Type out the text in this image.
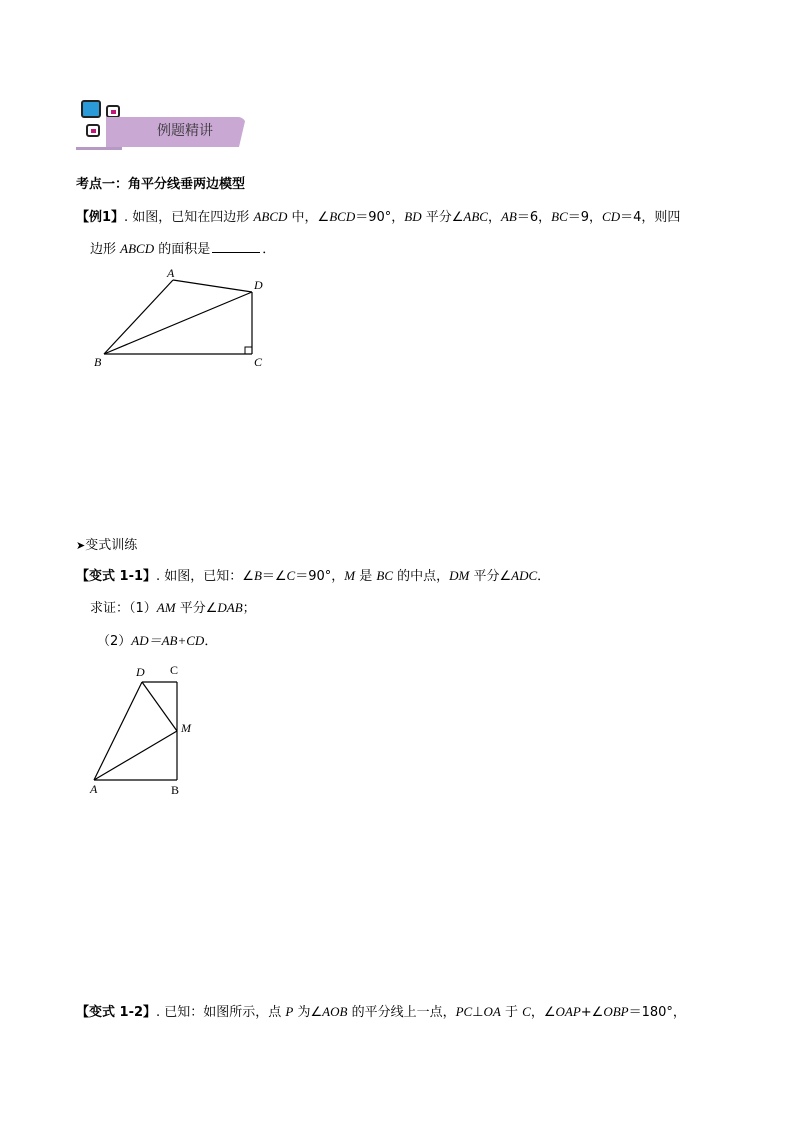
例题精讲
考点一：角平分线垂两边模型
【例1】. 如图，已知在四边形 ABCD 中，∠BCD＝90°，BD 平分∠ABC，AB＝6，BC＝9，CD＝4，则四
边形 ABCD 的面积是	．
A
D
B	C
➤变式训练
【变式 1-1】. 如图，已知：∠B＝∠C＝90°，M 是 BC 的中点，DM 平分∠ADC．
求证：（1）AM 平分∠DAB；
（2）AD＝AB+CD．
D C
M
A	B
【变式 1-2】. 已知：如图所示，点 P 为∠AOB 的平分线上一点，PC⊥OA 于 C，∠OAP+∠OBP＝180°，
